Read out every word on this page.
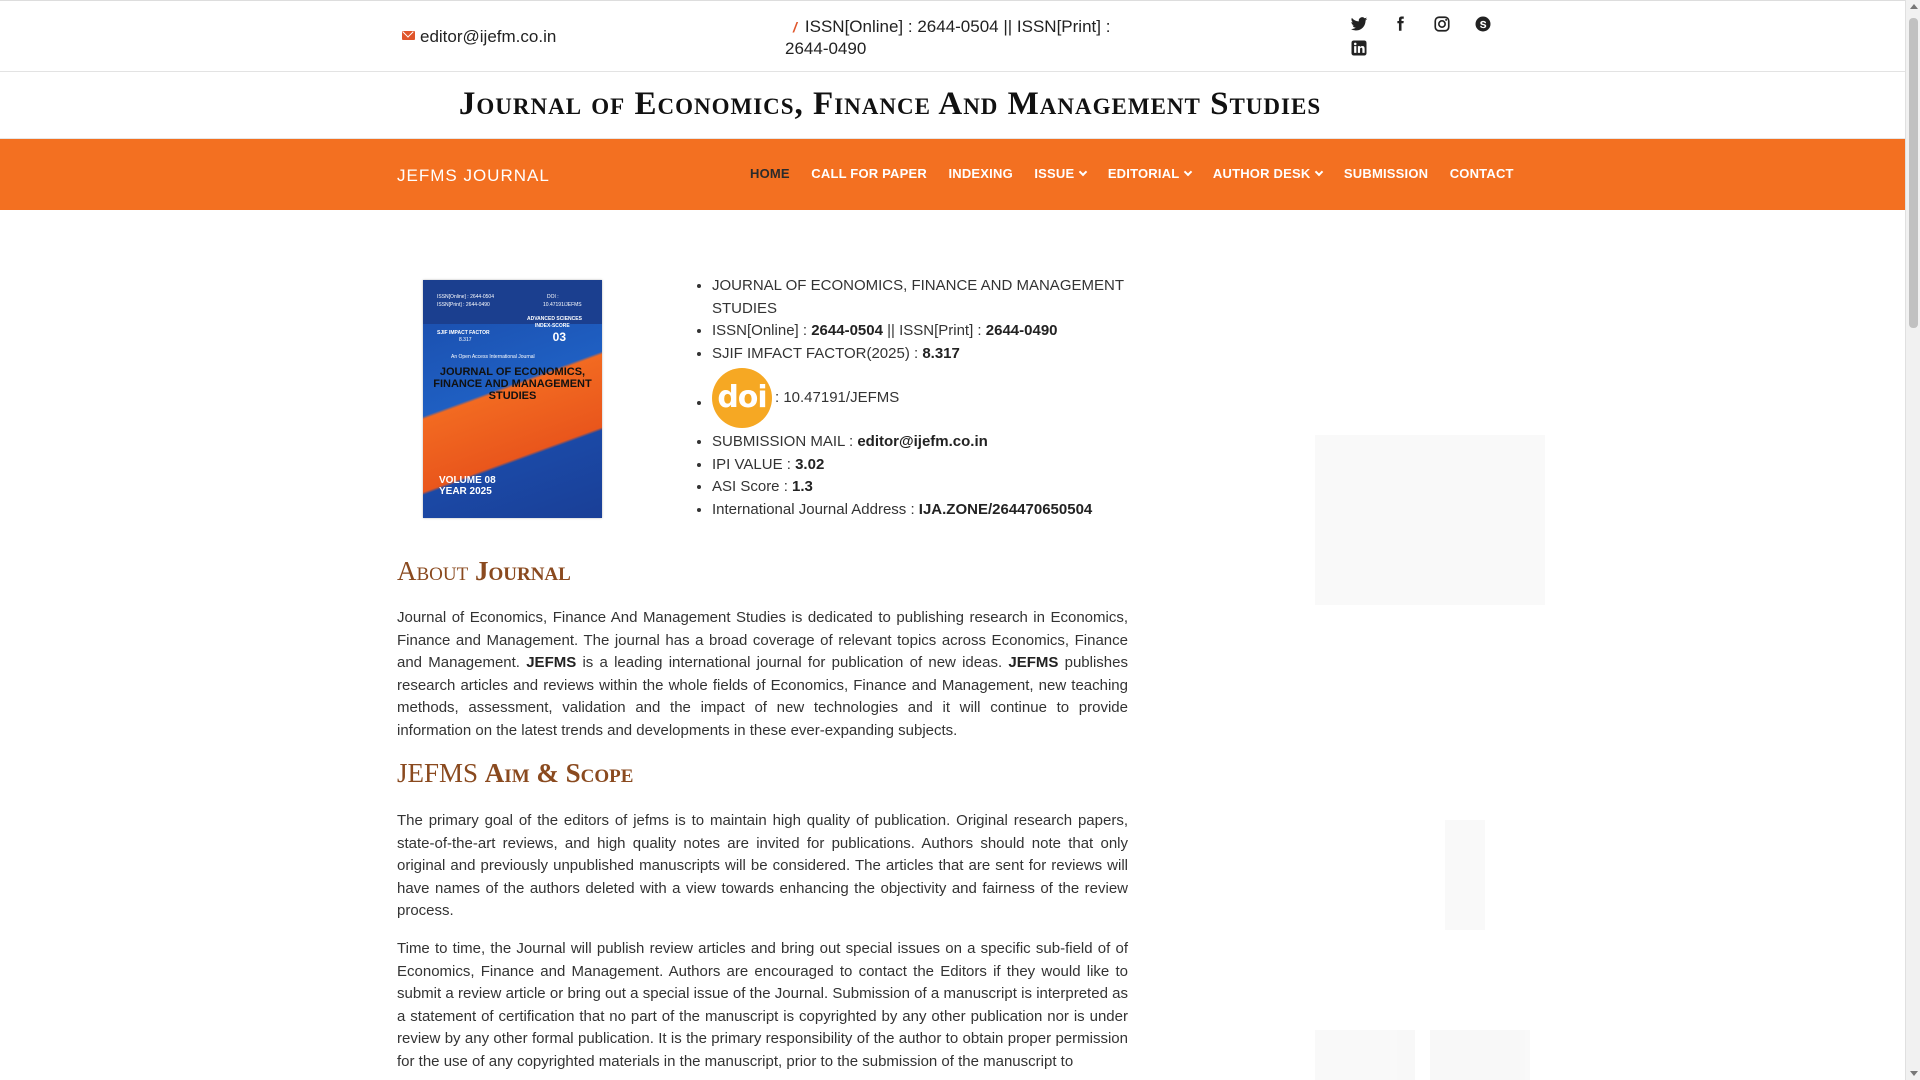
editor@ijefm.co.in	/ ISSN[Online] : 2644-0504 || ISSN[Print] :
2644-0490

Journal of Economics, Finance And Management Studies
JEFMS JOURNAL	HOME CALL FOR PAPER INDEXING ISSUE	EDITORIAL	AUTHOR DESK	SUBMISSION CONTACT
ISSN[Online] : 2644-0504
ISSN[Print] : 2644-0490
DOI :
10.47191/JEFMS
ADVANCED SCIENCES
INDEX-SCORE
03
SJIF IMPACT FACTOR
8.317
An Open Access International Journal
JOURNAL OF ECONOMICS, FINANCE AND MANAGEMENT STUDIES
VOLUME 08
YEAR 2025
• JOURNAL OF ECONOMICS, FINANCE AND MANAGEMENT STUDIES
• ISSN[Online] : 2644-0504 || ISSN[Print] : 2644-0490
• SJIF IMFACT FACTOR(2025) : 8.317
• doi : 10.47191/JEFMS
• SUBMISSION MAIL : editor@ijefm.co.in
• IPI VALUE : 3.02
• ASI Score : 1.3
• International Journal Address : IJA.ZONE/264470650504
About Journal
Journal of Economics, Finance And Management Studies is dedicated to publishing research in Economics, Finance and Management. The journal has a broad coverage of relevant topics across Economics, Finance and Management. JEFMS is a leading international journal for publication of new ideas. JEFMS publishes research articles and reviews within the whole fields of Economics, Finance and Management, new teaching methods, assessment, validation and the impact of new technologies and it will continue to provide information on the latest trends and developments in these ever-expanding subjects.
JEFMS Aim & Scope
The primary goal of the editors of jefms is to maintain high quality of publication. Original research papers, state-of-the-art reviews, and high quality notes are invited for publications. Authors should note that only original and previously unpublished manuscripts will be considered. The articles that are sent for reviews will have names of the authors deleted with a view towards enhancing the objectivity and fairness of the review process.
Time to time, the Journal will publish review articles and bring out special issues on a specific sub-field of of Economics, Finance and Management. Authors are encouraged to contact the Editors if they would like to submit a review article or bring out a special issue of the Journal. Submission of a manuscript is interpreted as a statement of certification that no part of the manuscript is copyrighted by any other publication nor is under review by any other formal publication. It is the primary responsibility of the author to obtain proper permission for the use of any copyrighted materials in the manuscript, prior to the submission of the manuscript to
